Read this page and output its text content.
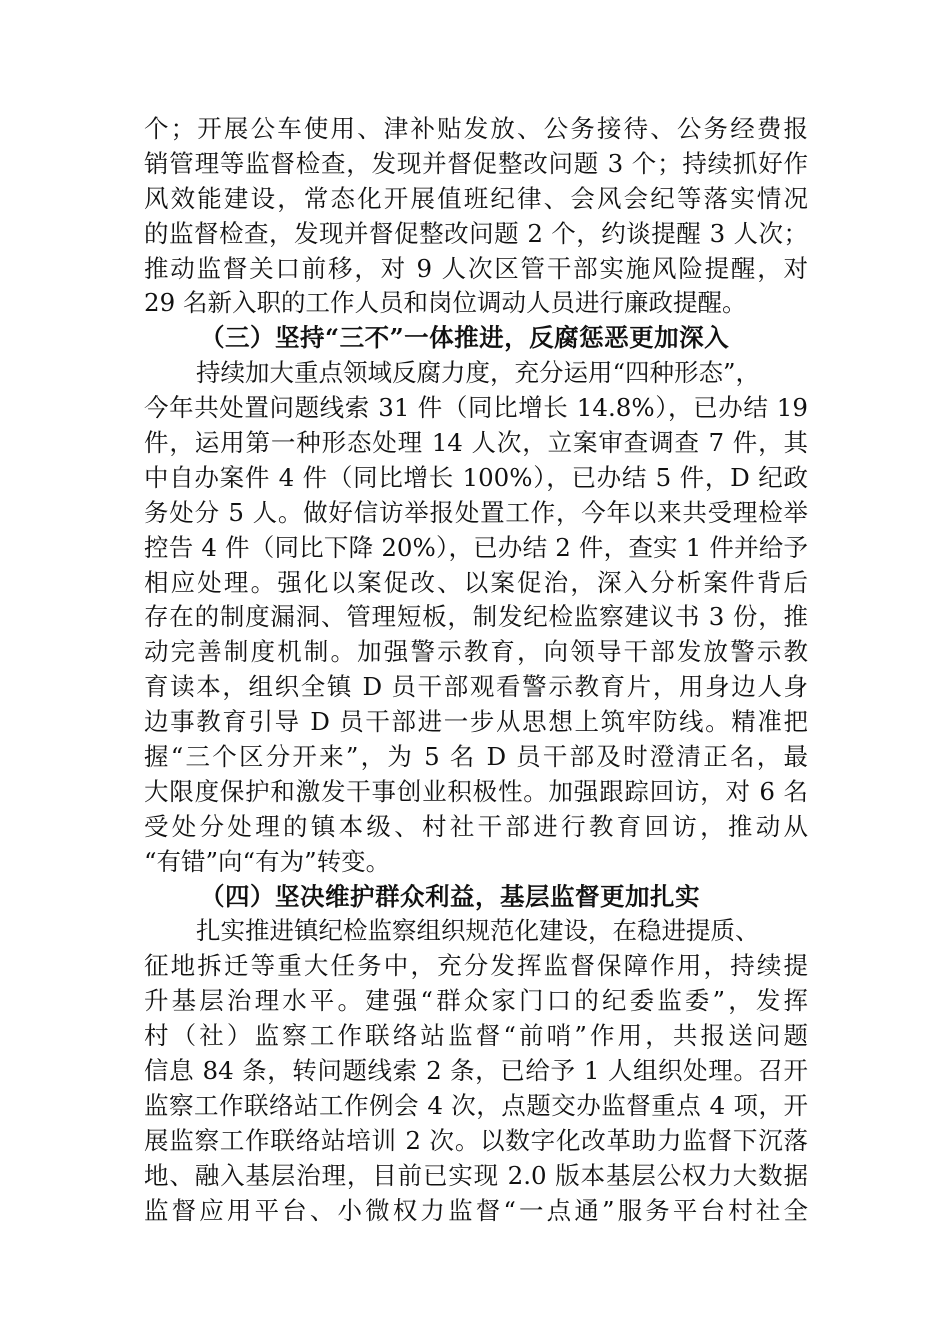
个；开展公车使用、津补贴发放、公务接待、公务经费报
销管理等监督检查，发现并督促整改问题 3 个；持续抓好作
风效能建设，常态化开展值班纪律、会风会纪等落实情况
的监督检查，发现并督促整改问题 2 个，约谈提醒 3 人次；
推动监督关口前移，对 9 人次区管干部实施风险提醒，对
29 名新入职的工作人员和岗位调动人员进行廉政提醒。
（三）坚持“三不”一体推进，反腐惩恶更加深入
持续加大重点领域反腐力度，充分运用“四种形态”，
今年共处置问题线索 31 件（同比增长 14.8%），已办结 19
件，运用第一种形态处理 14 人次，立案审查调查 7 件，其
中自办案件 4 件（同比增长 100%），已办结 5 件，D 纪政
务处分 5 人。做好信访举报处置工作，今年以来共受理检举
控告 4 件（同比下降 20%），已办结 2 件，查实 1 件并给予
相应处理。强化以案促改、以案促治，深入分析案件背后
存在的制度漏洞、管理短板，制发纪检监察建议书 3 份，推
动完善制度机制。加强警示教育，向领导干部发放警示教
育读本，组织全镇 D 员干部观看警示教育片，用身边人身
边事教育引导 D 员干部进一步从思想上筑牢防线。精准把
握“三个区分开来”，为 5 名 D 员干部及时澄清正名，最
大限度保护和激发干事创业积极性。加强跟踪回访，对 6 名
受处分处理的镇本级、村社干部进行教育回访，推动从
“有错”向“有为”转变。
（四）坚决维护群众利益，基层监督更加扎实
扎实推进镇纪检监察组织规范化建设，在稳进提质、
征地拆迁等重大任务中，充分发挥监督保障作用，持续提
升基层治理水平。建强“群众家门口的纪委监委”，发挥
村（社）监察工作联络站监督“前哨”作用，共报送问题
信息 84 条，转问题线索 2 条，已给予 1 人组织处理。召开
监察工作联络站工作例会 4 次，点题交办监督重点 4 项，开
展监察工作联络站培训 2 次。以数字化改革助力监督下沉落
地、融入基层治理，目前已实现 2.0 版本基层公权力大数据
监督应用平台、小微权力监督“一点通”服务平台村社全
